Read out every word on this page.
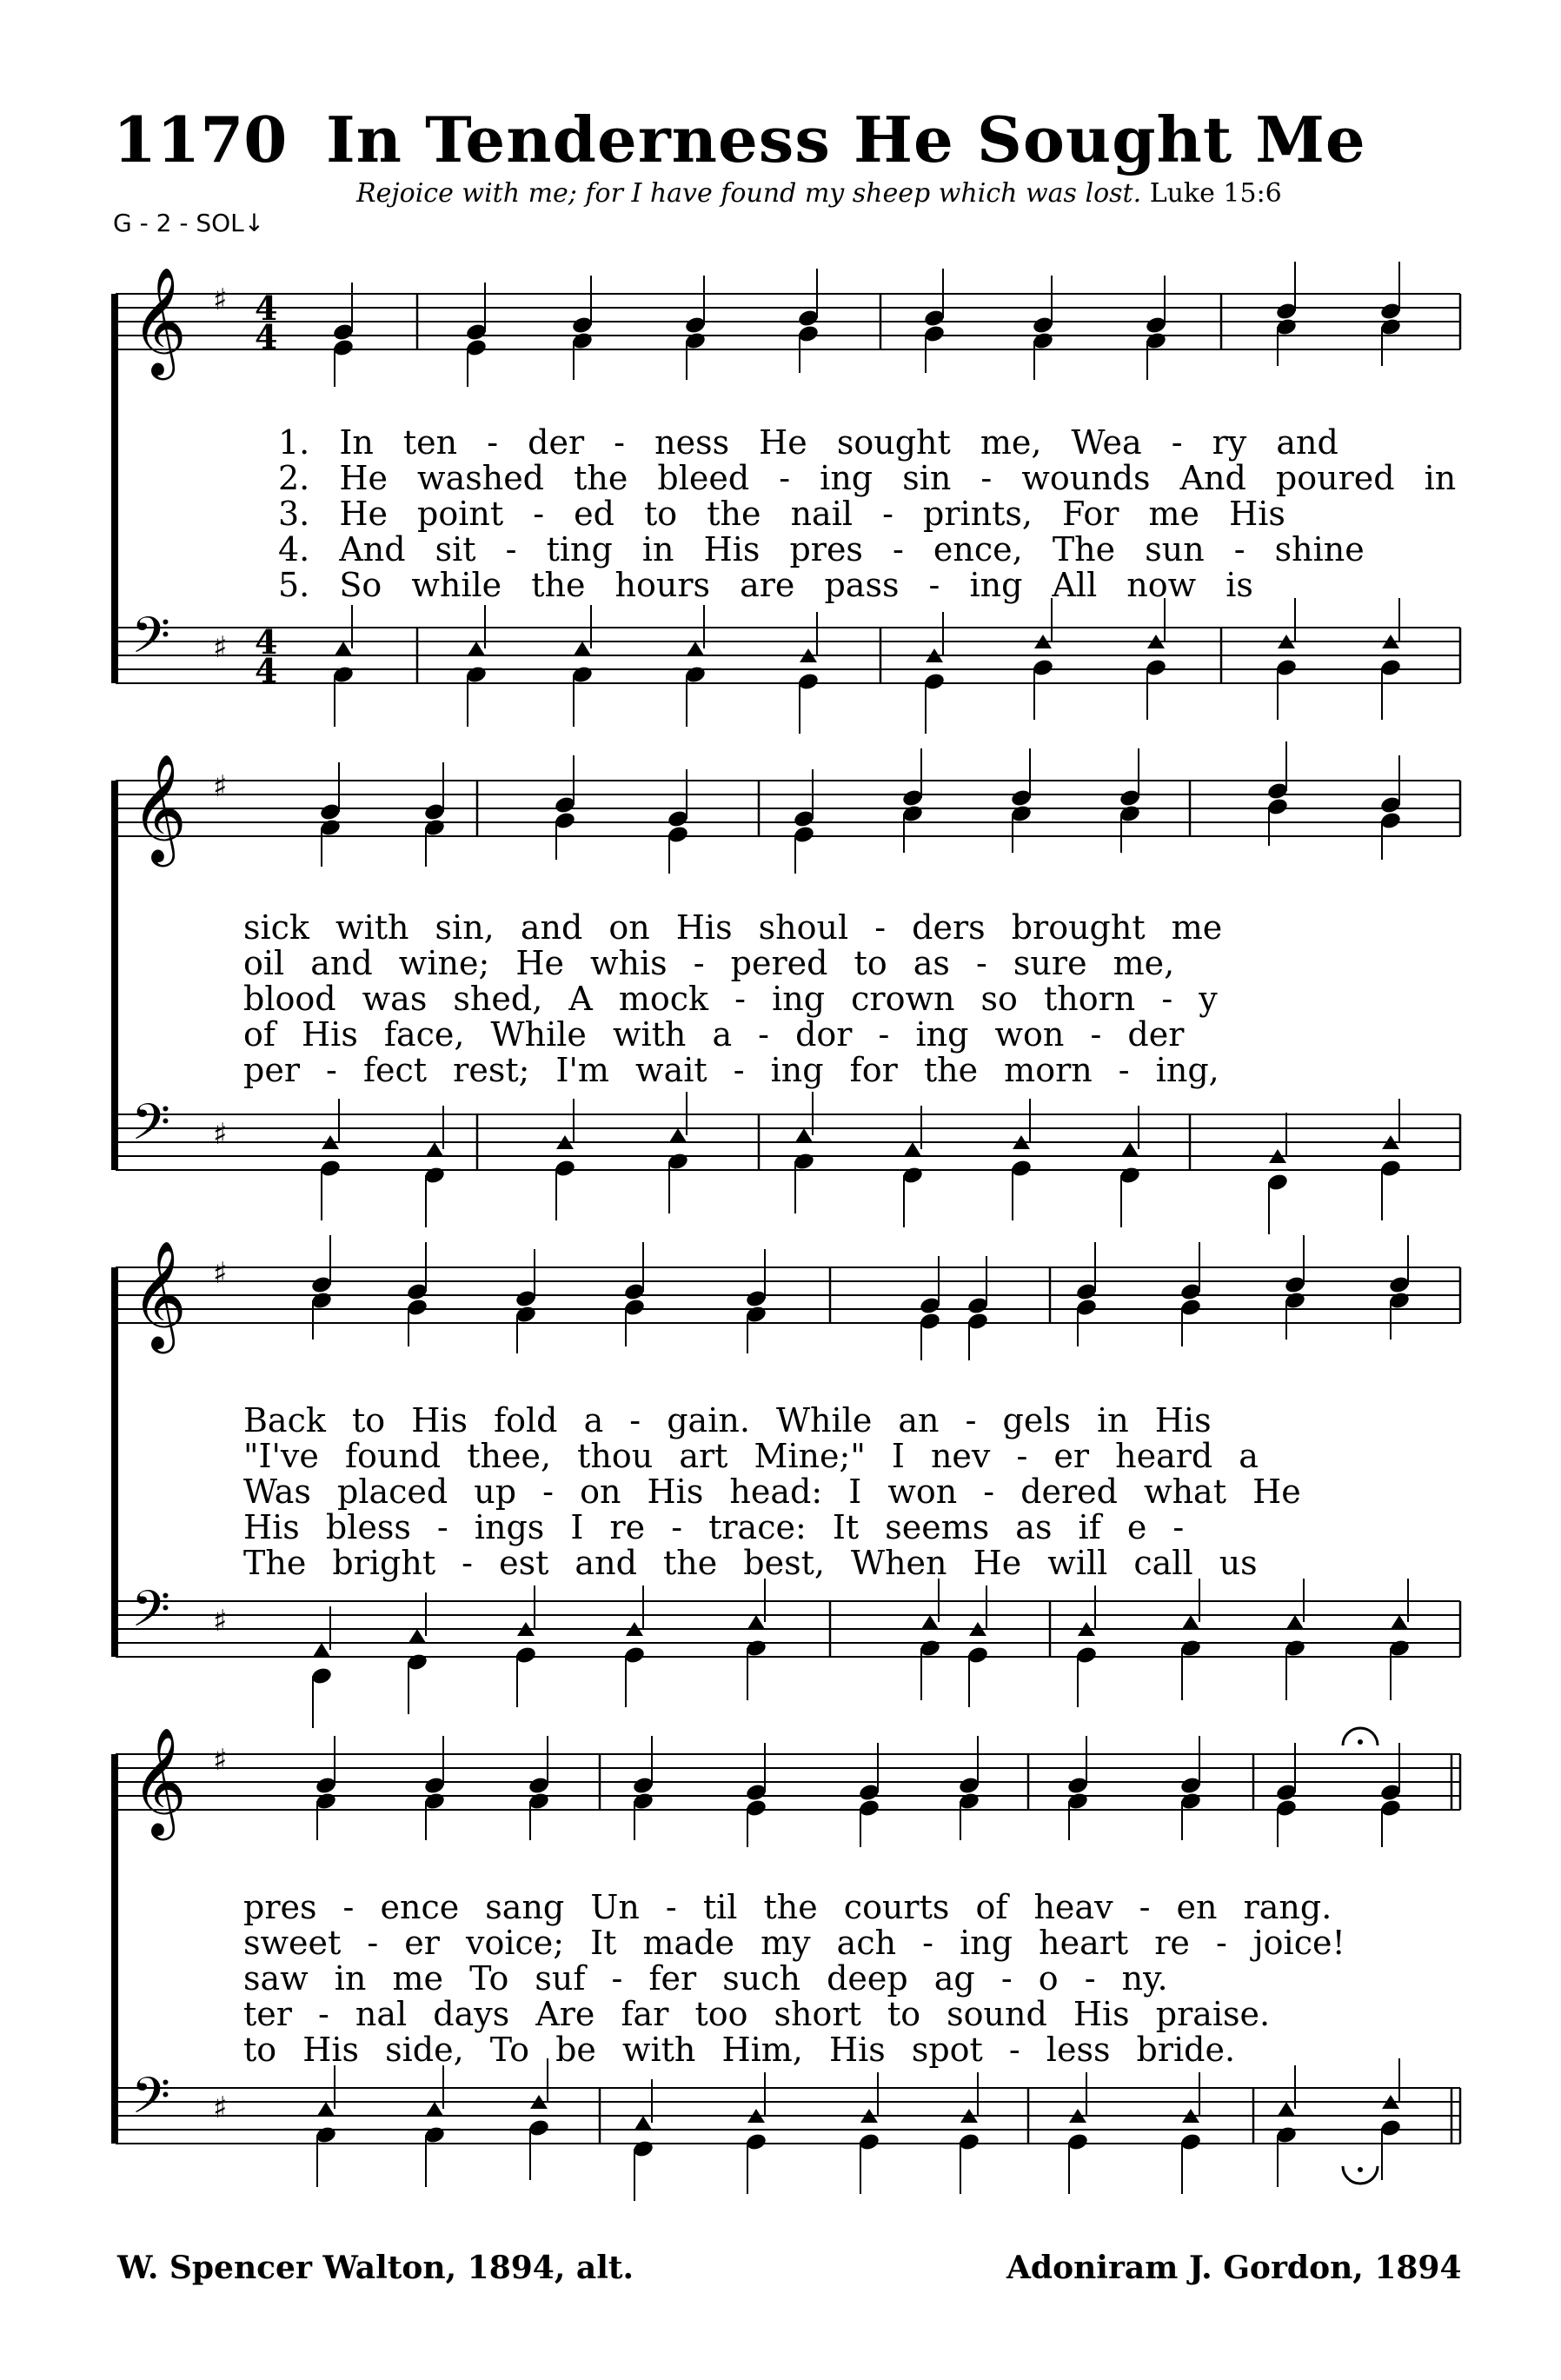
1170 In Tenderness He Sought Me
Rejoice with me; for I have found my sheep which was lost. Luke 15:6
G - 2 - SOL↓
𝄞 ♯ 4
4
𝄢 ♯ 4
4
𝄞 ♯
𝄢 ♯
𝄞 ♯
𝄢 ♯
𝄞 ♯
𝄢 ♯
1. In ten - der - ness He sought me, Wea - ry and
2. He washed the bleed - ing sin - wounds And poured in
3. He point - ed to the nail - prints, For me His
4. And sit - ting in His pres - ence, The sun - shine
5. So while the hours are pass - ing All now is
sick with sin, and on His shoul - ders brought me
oil and wine; He whis - pered to as - sure me,
blood was shed, A mock - ing crown so thorn - y
of His face, While with a - dor - ing won - der
per - fect rest; I'm wait - ing for the morn - ing,
Back to His fold a - gain. While an - gels in His
"I've found thee, thou art Mine;" I nev - er heard a
Was placed up - on His head: I won - dered what He
His bless - ings I re - trace: It seems as if e -
The bright - est and the best, When He will call us
pres - ence sang Un - til the courts of heav - en rang.
sweet - er voice; It made my ach - ing heart re - joice!
saw in me To suf - fer such deep ag - o - ny.
ter - nal days Are far too short to sound His praise.
to His side, To be with Him, His spot - less bride.
W. Spencer Walton, 1894, alt.	Adoniram J. Gordon, 1894
